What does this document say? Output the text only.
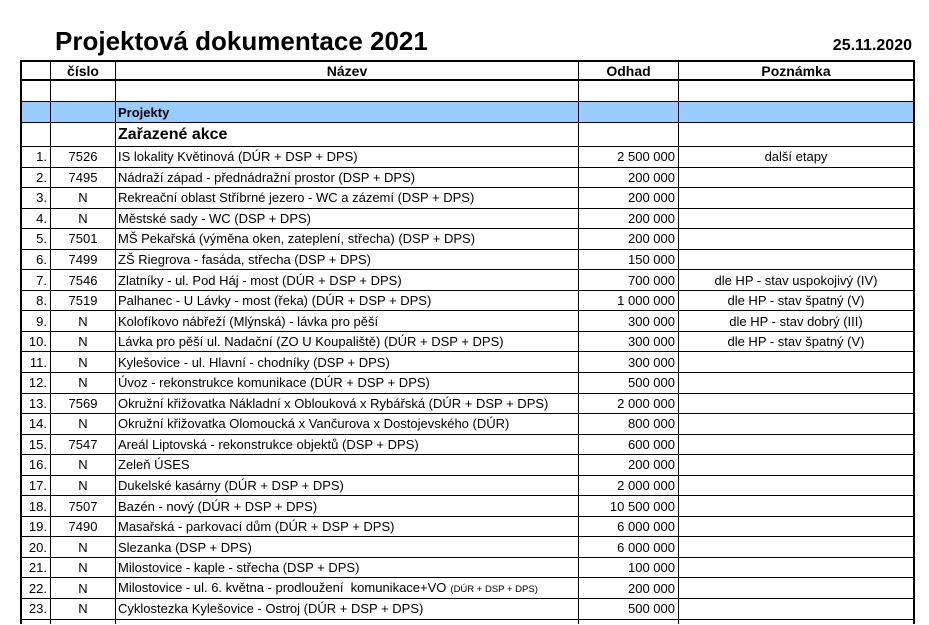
Projektová dokumentace 2021	25.11.2020
číslo	Název	Odhad	Poznámka
Projekty
Zařazené akce
1.	7526	IS lokality Květinová (DÚR + DSP + DPS)	2 500 000	další etapy
2.	7495	Nádraží západ - přednádražní prostor (DSP + DPS)	200 000
3.	N	Rekreační oblast Stříbrné jezero - WC a zázemí (DSP + DPS)	200 000
4.	N	Městské sady - WC (DSP + DPS)	200 000
5.	7501	MŠ Pekařská (výměna oken, zateplení, střecha) (DSP + DPS)	200 000
6.	7499	ZŠ Riegrova - fasáda, střecha (DSP + DPS)	150 000
7.	7546	Zlatníky - ul. Pod Háj - most (DÚR + DSP + DPS)	700 000	dle HP - stav uspokojivý (IV)
8.	7519	Palhanec - U Lávky - most (řeka) (DÚR + DSP + DPS)	1 000 000	dle HP - stav špatný (V)
9.	N	Kolofíkovo nábřeží (Mlýnská) - lávka pro pěší	300 000	dle HP - stav dobrý (III)
10.	N	Lávka pro pěší ul. Nadační (ZO U Koupaliště) (DÚR + DSP + DPS)	300 000	dle HP - stav špatný (V)
11.	N	Kylešovice - ul. Hlavní - chodníky (DSP + DPS)	300 000
12.	N	Úvoz - rekonstrukce komunikace (DÚR + DSP + DPS)	500 000
13.	7569	Okružní křižovatka Nákladní x Oblouková x Rybářská (DÚR + DSP + DPS)	2 000 000
14.	N	Okružní křižovatka Olomoucká x Vančurova x Dostojevského (DÚR)	800 000
15.	7547	Areál Liptovská - rekonstrukce objektů (DSP + DPS)	600 000
16.	N	Zeleň ÚSES	200 000
17.	N	Dukelské kasárny (DÚR + DSP + DPS)	2 000 000
18.	7507	Bazén - nový (DÚR + DSP + DPS)	10 500 000
19.	7490	Masařská - parkovací dům (DÚR + DSP + DPS)	6 000 000
20.	N	Slezanka (DSP + DPS)	6 000 000
21.	N	Milostovice - kaple - střecha (DSP + DPS)	100 000
22.	N	Milostovice - ul. 6. května - prodloužení  komunikace+VO (DÚR + DSP + DPS)	200 000
23.	N	Cyklostezka Kylešovice - Ostroj (DÚR + DSP + DPS)	500 000
